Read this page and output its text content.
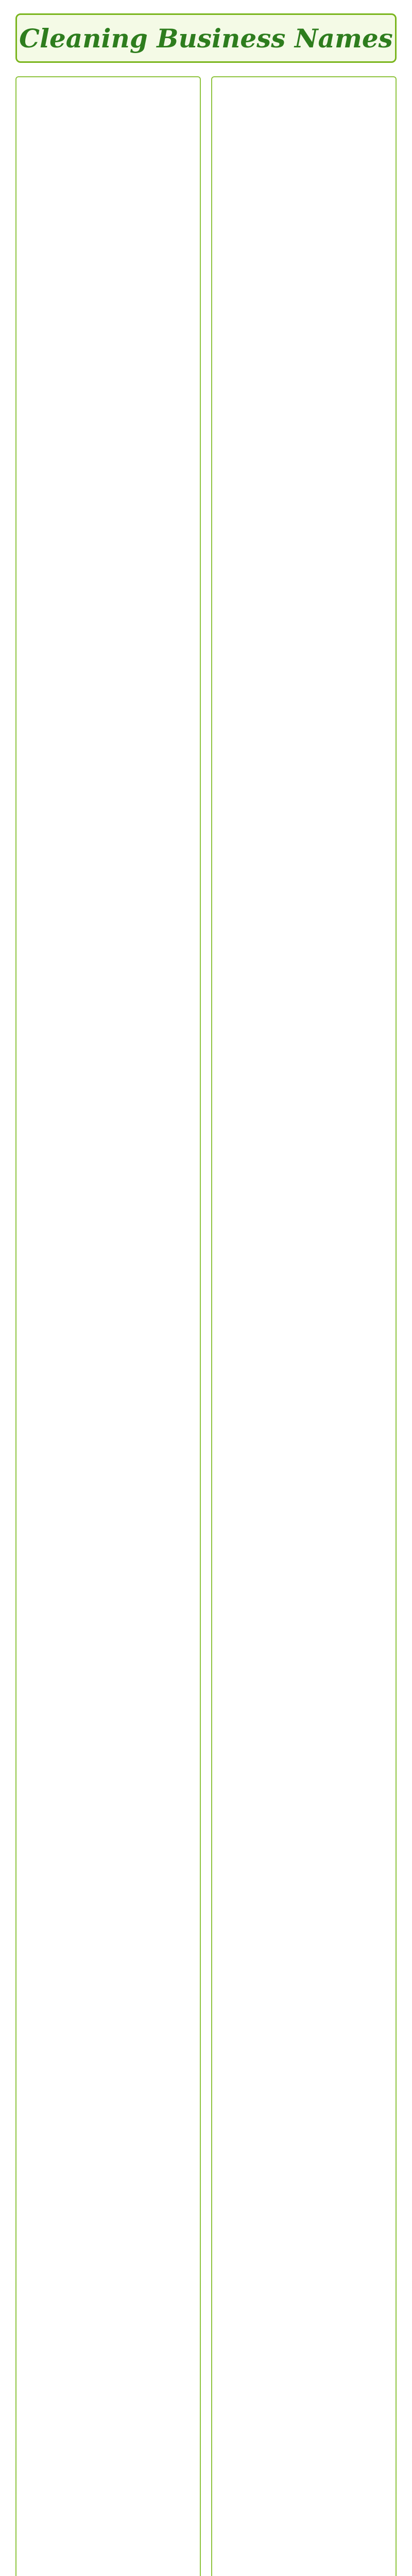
Cleaning Business Names
